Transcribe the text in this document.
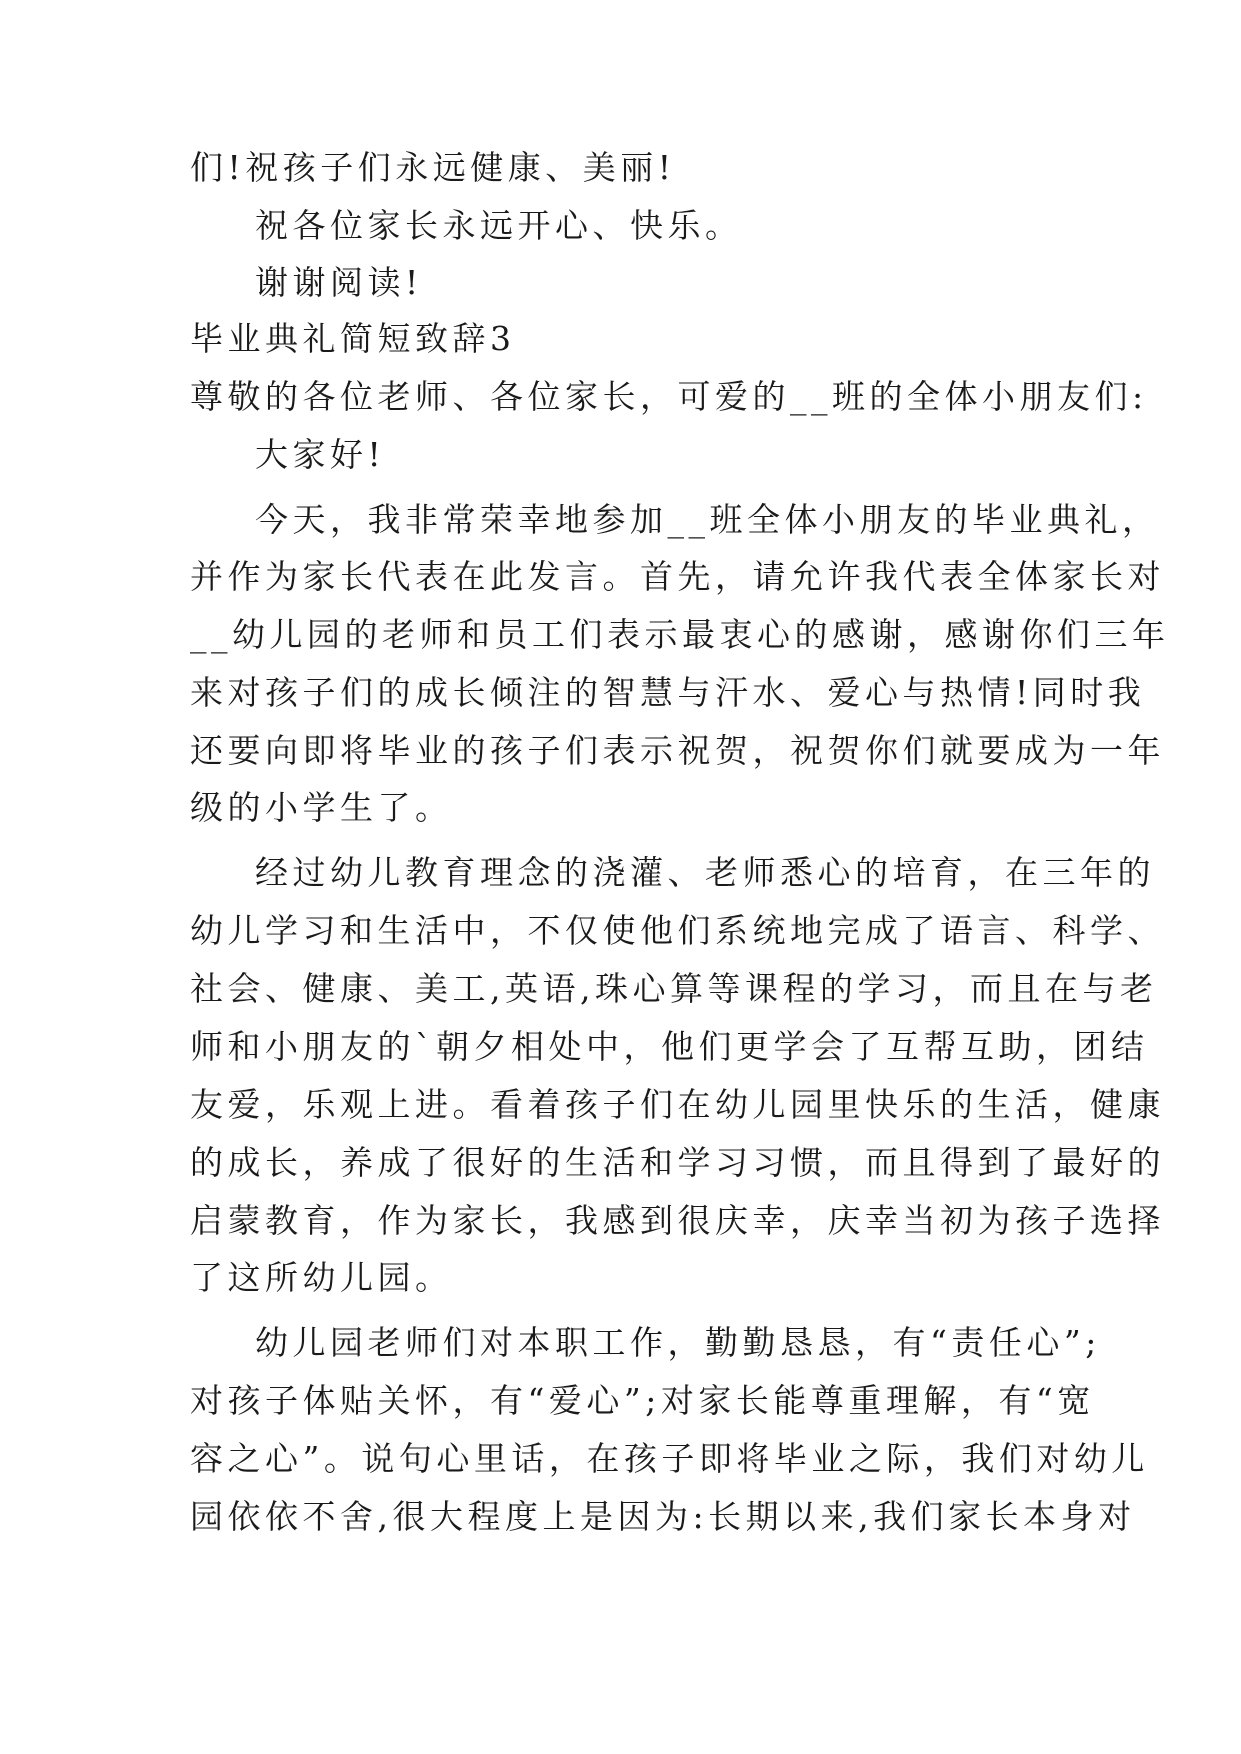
们!祝孩子们永远健康、美丽!
祝各位家长永远开心、快乐。
谢谢阅读!
毕业典礼简短致辞3
尊敬的各位老师、各位家长，可爱的__班的全体小朋友们:
大家好!
今天，我非常荣幸地参加__班全体小朋友的毕业典礼，
并作为家长代表在此发言。首先，请允许我代表全体家长对
__幼儿园的老师和员工们表示最衷心的感谢，感谢你们三年
来对孩子们的成长倾注的智慧与汗水、爱心与热情!同时我
还要向即将毕业的孩子们表示祝贺，祝贺你们就要成为一年
级的小学生了。
经过幼儿教育理念的浇灌、老师悉心的培育，在三年的
幼儿学习和生活中，不仅使他们系统地完成了语言、科学、
社会、健康、美工,英语,珠心算等课程的学习，而且在与老
师和小朋友的`朝夕相处中，他们更学会了互帮互助，团结
友爱，乐观上进。看着孩子们在幼儿园里快乐的生活，健康
的成长，养成了很好的生活和学习习惯，而且得到了最好的
启蒙教育，作为家长，我感到很庆幸，庆幸当初为孩子选择
了这所幼儿园。
幼儿园老师们对本职工作，勤勤恳恳，有“责任心”;
对孩子体贴关怀，有“爱心”;对家长能尊重理解，有“宽
容之心”。说句心里话，在孩子即将毕业之际，我们对幼儿
园依依不舍,很大程度上是因为:长期以来,我们家长本身对
